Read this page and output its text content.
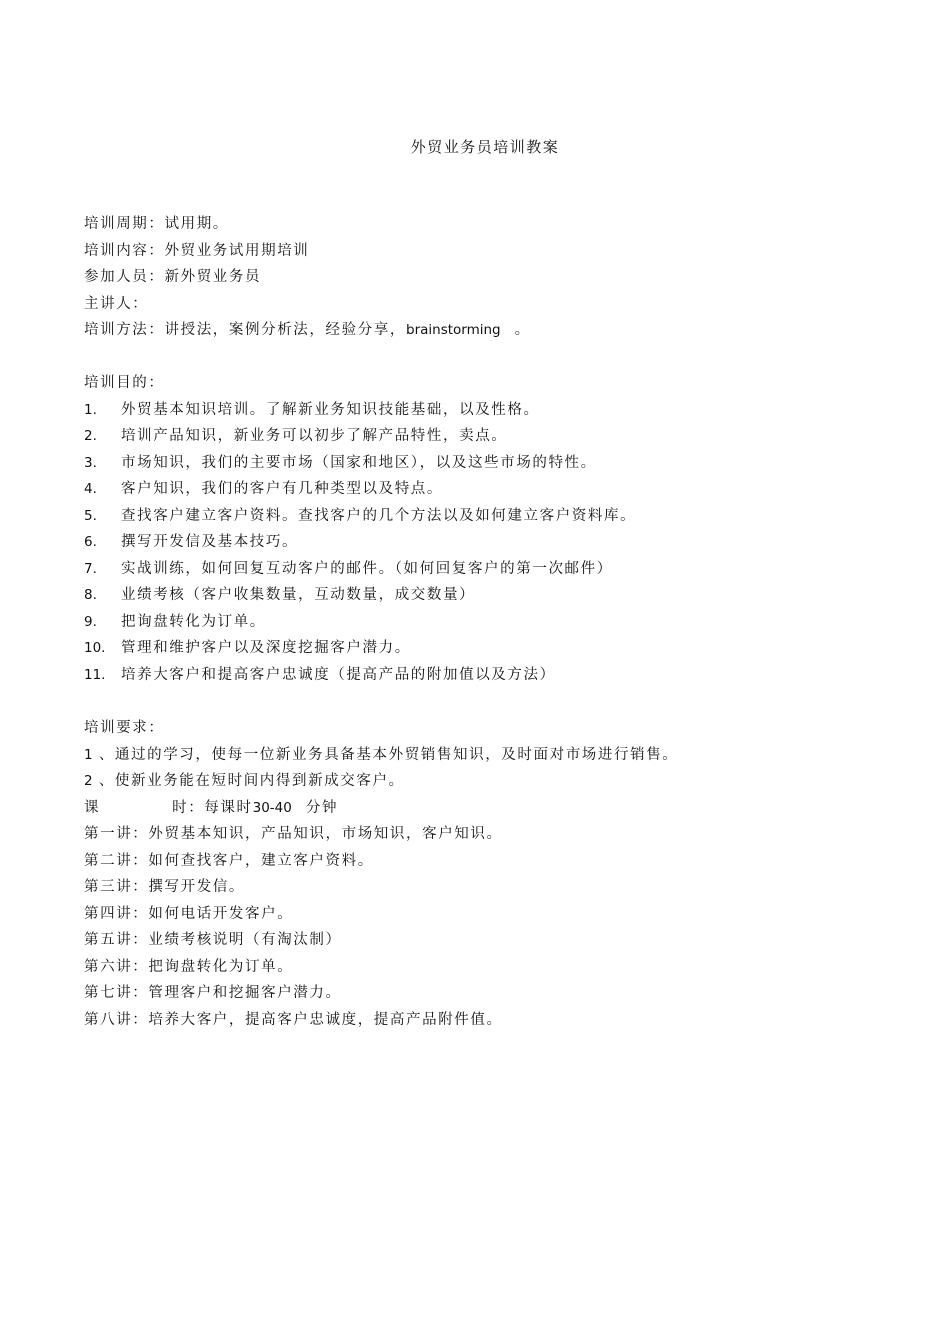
外贸业务员培训教案
培训周期：试用期。
培训内容：外贸业务试用期培训
参加人员：新外贸业务员
主讲人：
培训方法：讲授法，案例分析法，经验分享，brainstorming 。
培训目的：
1. 外贸基本知识培训。了解新业务知识技能基础，以及性格。
2. 培训产品知识，新业务可以初步了解产品特性，卖点。
3. 市场知识，我们的主要市场（国家和地区），以及这些市场的特性。
4. 客户知识，我们的客户有几种类型以及特点。
5. 查找客户建立客户资料。查找客户的几个方法以及如何建立客户资料库。
6. 撰写开发信及基本技巧。
7. 实战训练，如何回复互动客户的邮件。（如何回复客户的第一次邮件）
8. 业绩考核（客户收集数量，互动数量，成交数量）
9. 把询盘转化为订单。
10. 管理和维护客户以及深度挖掘客户潜力。
11. 培养大客户和提高客户忠诚度（提高产品的附加值以及方法）
培训要求：
1 、通过的学习，使每一位新业务具备基本外贸销售知识，及时面对市场进行销售。
2 、使新业务能在短时间内得到新成交客户。
课	时：每课时30-40 分钟
第一讲：外贸基本知识，产品知识，市场知识，客户知识。
第二讲：如何查找客户，建立客户资料。
第三讲：撰写开发信。
第四讲：如何电话开发客户。
第五讲：业绩考核说明（有淘汰制）
第六讲：把询盘转化为订单。
第七讲：管理客户和挖掘客户潜力。
第八讲：培养大客户，提高客户忠诚度，提高产品附件值。
